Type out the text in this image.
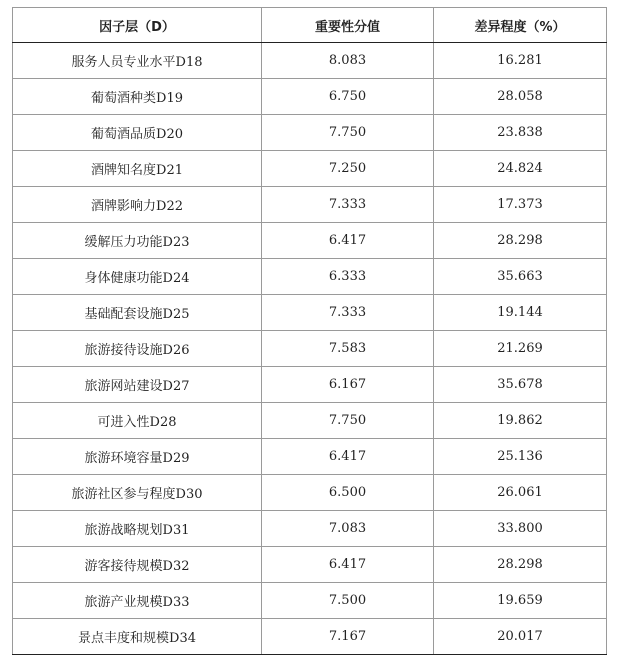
因子层（D）	重要性分值	差异程度（%）
服务人员专业水平D18	8.083	16.281
葡萄酒种类D19	6.750	28.058
葡萄酒品质D20	7.750	23.838
酒牌知名度D21	7.250	24.824
酒牌影响力D22	7.333	17.373
缓解压力功能D23	6.417	28.298
身体健康功能D24	6.333	35.663
基础配套设施D25	7.333	19.144
旅游接待设施D26	7.583	21.269
旅游网站建设D27	6.167	35.678
可进入性D28	7.750	19.862
旅游环境容量D29	6.417	25.136
旅游社区参与程度D30	6.500	26.061
旅游战略规划D31	7.083	33.800
游客接待规模D32	6.417	28.298
旅游产业规模D33	7.500	19.659
景点丰度和规模D34	7.167	20.017
